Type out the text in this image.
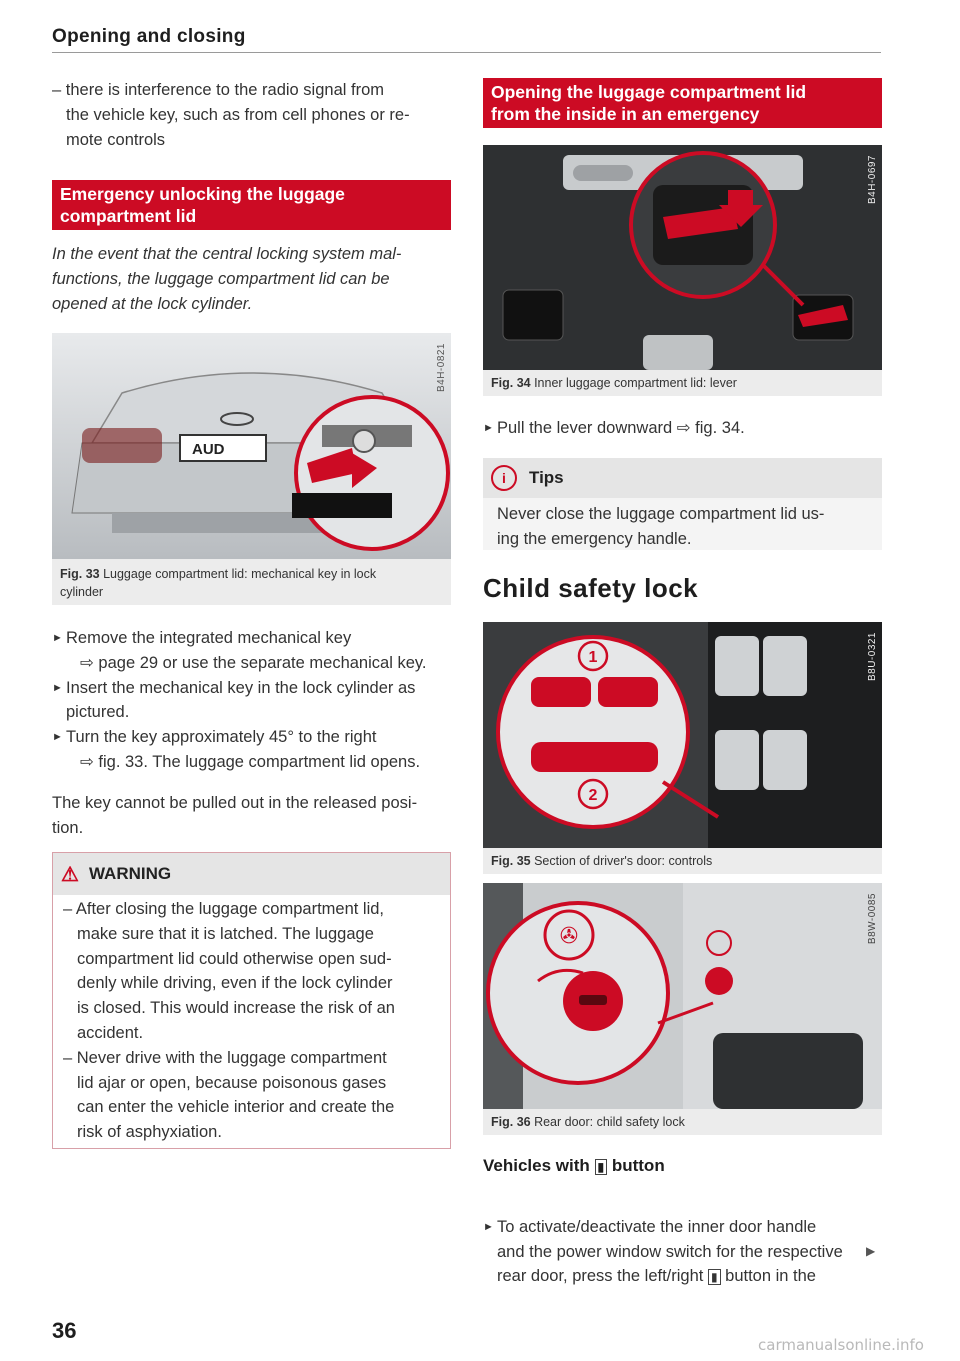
Opening and closing
– there is interference to the radio signal from
the vehicle key, such as from cell phones or re-
mote controls
Emergency unlocking the luggage
compartment lid
In the event that the central locking system mal-
functions, the luggage compartment lid can be
opened at the lock cylinder.
AUD
B4H-0821
Fig. 33 Luggage compartment lid: mechanical key in lock
cylinder
► Remove the integrated mechanical key
⇨ page 29 or use the separate mechanical key.
► Insert the mechanical key in the lock cylinder as
pictured.
► Turn the key approximately 45° to the right
⇨ fig. 33. The luggage compartment lid opens.
The key cannot be pulled out in the released posi-
tion.
⚠ WARNING
– After closing the luggage compartment lid,
make sure that it is latched. The luggage
compartment lid could otherwise open sud-
denly while driving, even if the lock cylinder
is closed. This would increase the risk of an
accident.
– Never drive with the luggage compartment
lid ajar or open, because poisonous gases
can enter the vehicle interior and create the
risk of asphyxiation.
Opening the luggage compartment lid
from the inside in an emergency
B4H-0697
Fig. 34 Inner luggage compartment lid: lever
► Pull the lever downward ⇨ fig. 34.
i	Tips
Never close the luggage compartment lid us-
ing the emergency handle.
Child safety lock
1
2
B8U-0321
Fig. 35 Section of driver's door: controls
✇	B8W-0085
Fig. 36 Rear door: child safety lock
Vehicles with ▮ button
► To activate/deactivate the inner door handle
and the power window switch for the respective
rear door, press the left/right ▮ button in the
▶
36
carmanualsonline.info
